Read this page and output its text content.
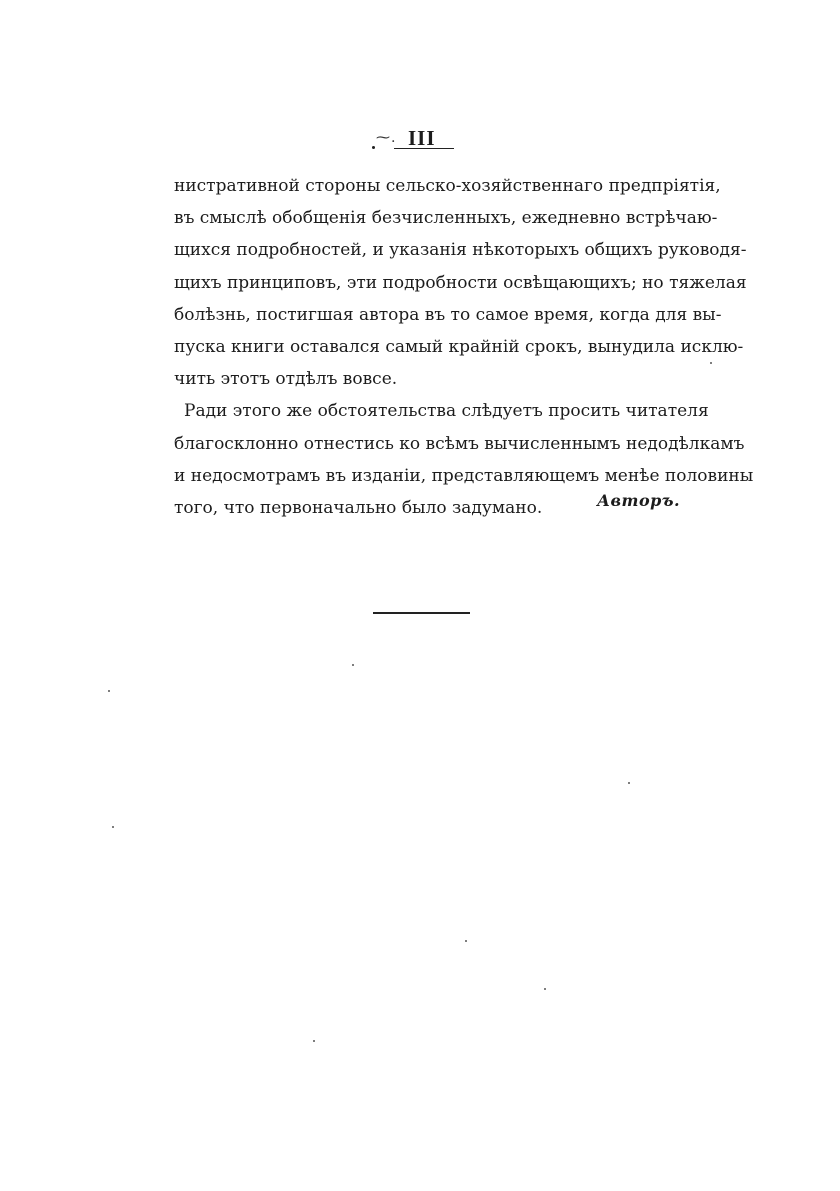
⁓. III
нистративной стороны сельско-хозяйственнаго предпріятія,
въ смыслѣ обобщенія безчисленныхъ, ежедневно встрѣчаю-
щихся подробностей, и указанія нѣкоторыхъ общихъ руководя-
щихъ принциповъ, эти подробности освѣщающихъ; но тяжелая
болѣзнь, постигшая автора въ то самое время, когда для вы-
пуска книги оставался самый крайній срокъ, вынудила исклю-
чить этотъ отдѣлъ вовсе.
Ради этого же обстоятельства слѣдуетъ просить читателя
благосклонно отнестись ко всѣмъ вычисленнымъ недодѣлкамъ
и недосмотрамъ въ изданіи, представляющемъ менѣе половины
того, что первоначально было задумано.	Авторъ.
